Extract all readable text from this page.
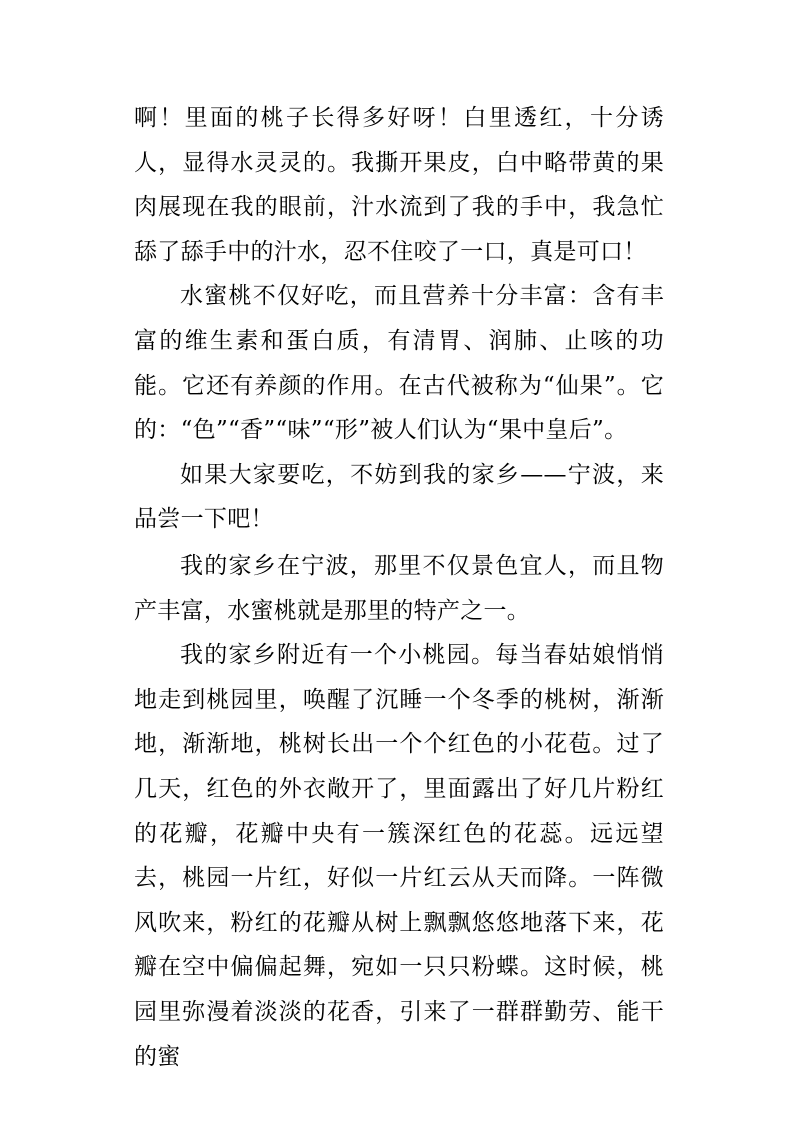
啊！里面的桃子长得多好呀！白里透红，十分诱人，显得水灵灵的。我撕开果皮，白中略带黄的果肉展现在我的眼前，汁水流到了我的手中，我急忙舔了舔手中的汁水，忍不住咬了一口，真是可口！

水蜜桃不仅好吃，而且营养十分丰富：含有丰富的维生素和蛋白质，有清胃、润肺、止咳的功能。它还有养颜的作用。在古代被称为“仙果”。它的：“色”“香”“味”“形”被人们认为“果中皇后”。

如果大家要吃，不妨到我的家乡——宁波，来品尝一下吧！

我的家乡在宁波，那里不仅景色宜人，而且物产丰富，水蜜桃就是那里的特产之一。

我的家乡附近有一个小桃园。每当春姑娘悄悄地走到桃园里，唤醒了沉睡一个冬季的桃树，渐渐地，渐渐地，桃树长出一个个红色的小花苞。过了几天，红色的外衣敞开了，里面露出了好几片粉红的花瓣，花瓣中央有一簇深红色的花蕊。远远望去，桃园一片红，好似一片红云从天而降。一阵微风吹来，粉红的花瓣从树上飘飘悠悠地落下来，花瓣在空中偏偏起舞，宛如一只只粉蝶。这时候，桃园里弥漫着淡淡的花香，引来了一群群勤劳、能干的蜜
